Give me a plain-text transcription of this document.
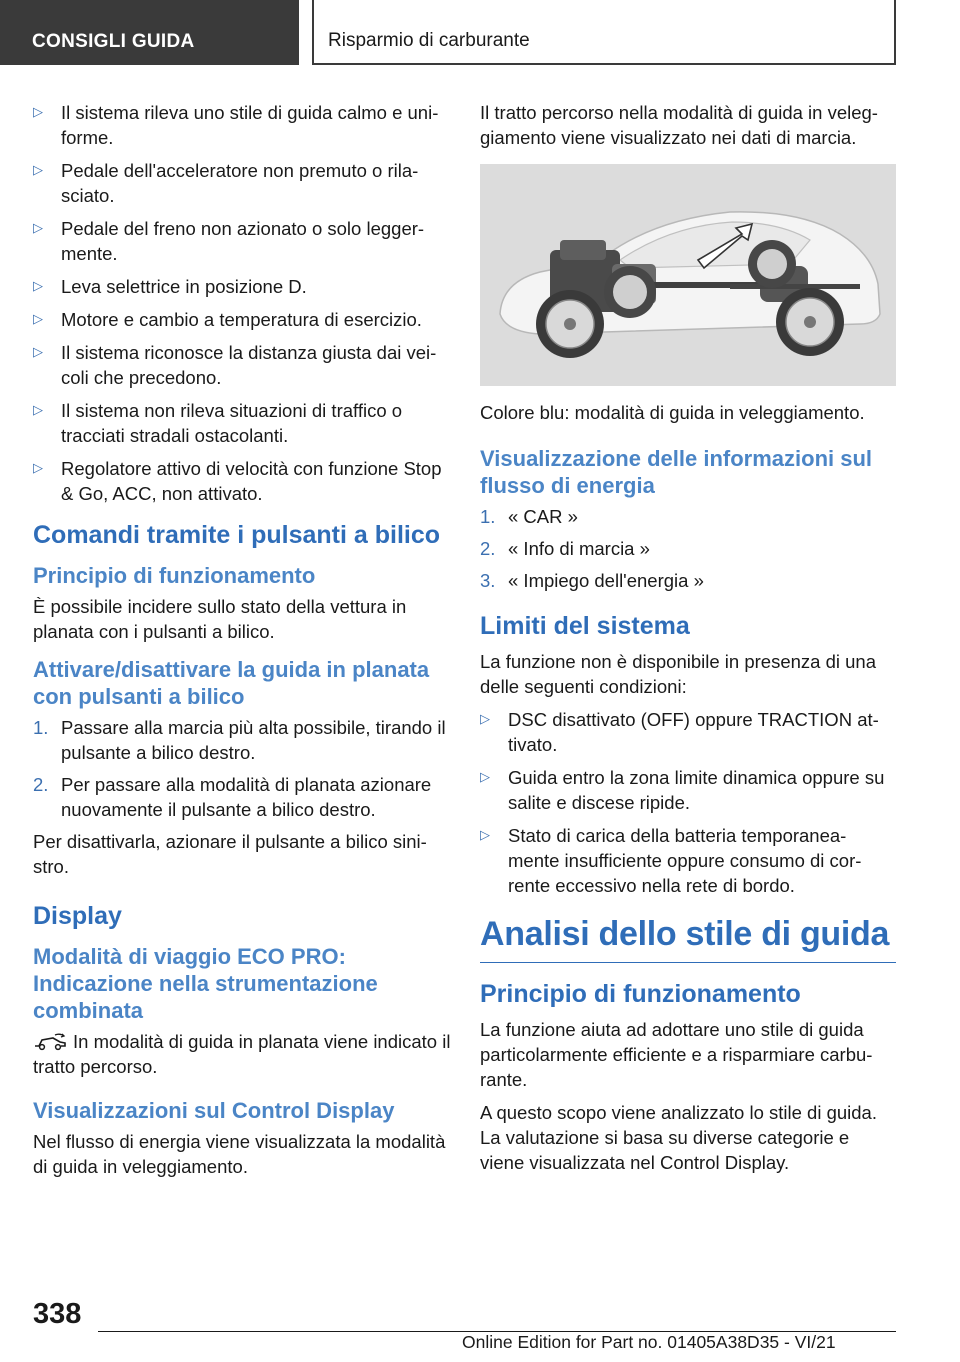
CONSIGLI GUIDA	Risparmio di carburante
▷ Il sistema rileva uno stile di guida calmo e uni-forme.
▷ Pedale dell'acceleratore non premuto o rila-sciato.
▷ Pedale del freno non azionato o solo legger-mente.
▷ Leva selettrice in posizione D.
▷ Motore e cambio a temperatura di esercizio.
▷ Il sistema riconosce la distanza giusta dai vei-coli che precedono.
▷ Il sistema non rileva situazioni di traffico o tracciati stradali ostacolanti.
▷ Regolatore attivo di velocità con funzione Stop & Go, ACC, non attivato.
Comandi tramite i pulsanti a bilico
Principio di funzionamento

È possibile incidere sullo stato della vettura in planata con i pulsanti a bilico.

Attivare/disattivare la guida in planata con pulsanti a bilico
1. Passare alla marcia più alta possibile, tirando il pulsante a bilico destro.
2. Per passare alla modalità di planata azionare nuovamente il pulsante a bilico destro.

Per disattivarla, azionare il pulsante a bilico sini-stro.

Display
Modalità di viaggio ECO PRO: Indicazione nella strumentazione combinata

In modalità di guida in planata viene indicato il tratto percorso.

Visualizzazioni sul Control Display

Nel flusso di energia viene visualizzata la modalità di guida in veleggiamento.

Il tratto percorso nella modalità di guida in veleg-giamento viene visualizzato nei dati di marcia.

Colore blu: modalità di guida in veleggiamento.

Visualizzazione delle informazioni sul flusso di energia
1. « CAR »
2. « Info di marcia »
3. « Impiego dell'energia »
Limiti del sistema

La funzione non è disponibile in presenza di una delle seguenti condizioni:

▷ DSC disattivato (OFF) oppure TRACTION at-tivato.
▷ Guida entro la zona limite dinamica oppure su salite e discese ripide.
▷ Stato di carica della batteria temporanea-mente insufficiente oppure consumo di cor-rente eccessivo nella rete di bordo.
Analisi dello stile di guida
Principio di funzionamento

La funzione aiuta ad adottare uno stile di guida particolarmente efficiente e a risparmiare carbu-rante.

A questo scopo viene analizzato lo stile di guida. La valutazione si basa su diverse categorie e viene visualizzata nel Control Display.

338
Online Edition for Part no. 01405A38D35 - VI/21
